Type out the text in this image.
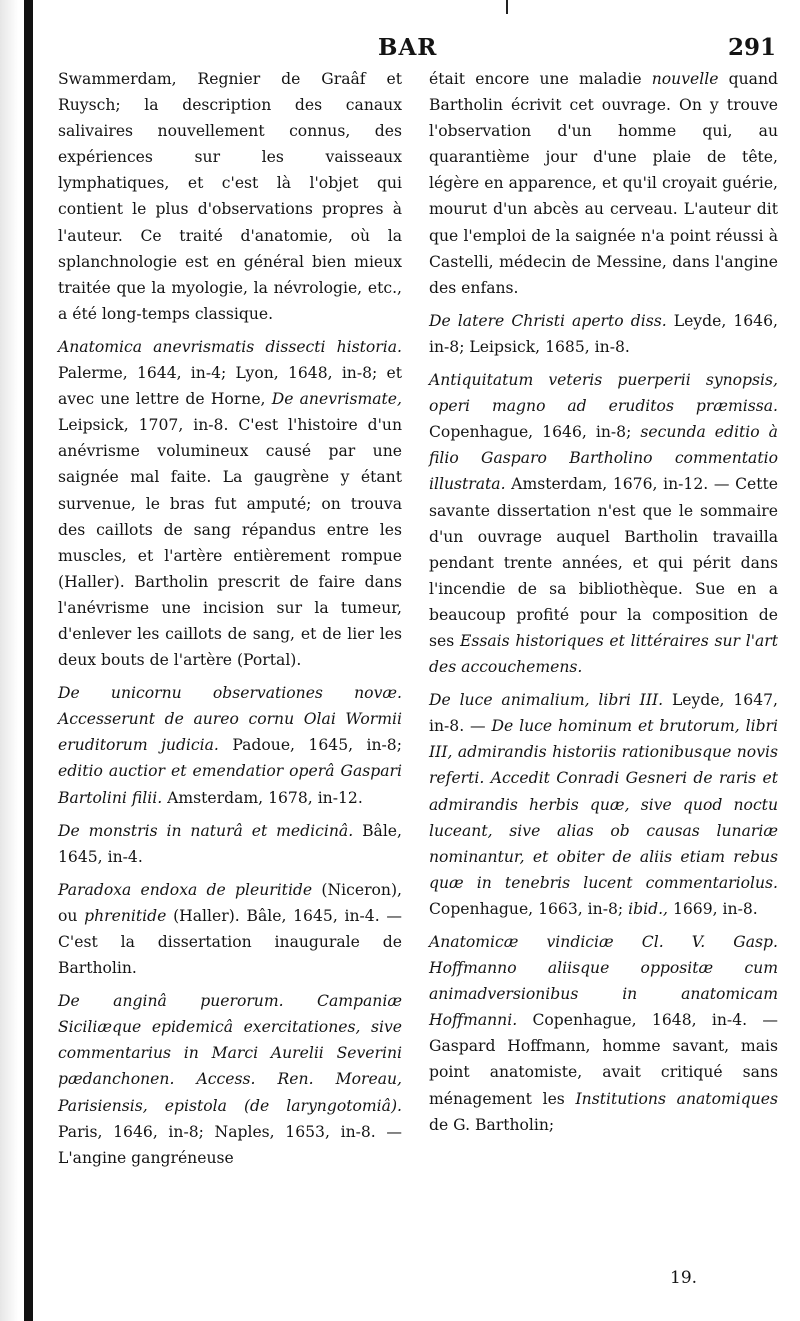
BAR	291

Swammerdam, Regnier de Graâf et Ruysch; la description des canaux salivaires nouvellement connus, des expériences sur les vaisseaux lymphatiques, et c'est là l'objet qui contient le plus d'observations propres à l'auteur. Ce traité d'anatomie, où la splanchnologie est en général bien mieux traitée que la myologie, la névrologie, etc., a été long-temps classique.

Anatomica anevrismatis dissecti historia. Palerme, 1644, in-4; Lyon, 1648, in-8; et avec une lettre de Horne, De anevrismate, Leipsick, 1707, in-8. C'est l'histoire d'un anévrisme volumineux causé par une saignée mal faite. La gaugrène y étant survenue, le bras fut amputé; on trouva des caillots de sang répandus entre les muscles, et l'artère entièrement rompue (Haller). Bartholin prescrit de faire dans l'anévrisme une incision sur la tumeur, d'enlever les caillots de sang, et de lier les deux bouts de l'artère (Portal).

De unicornu observationes novæ. Accesserunt de aureo cornu Olai Wormii eruditorum judicia. Padoue, 1645, in-8; editio auctior et emendatior operâ Gaspari Bartolini filii. Amsterdam, 1678, in-12.

De monstris in naturâ et medicinâ. Bâle, 1645, in-4.

Paradoxa endoxa de pleuritide (Niceron), ou phrenitide (Haller). Bâle, 1645, in-4. — C'est la dissertation inaugurale de Bartholin.

De anginâ puerorum. Campaniæ Siciliæque epidemicâ exercitationes, sive commentarius in Marci Aurelii Severini pædanchonen. Access. Ren. Moreau, Parisiensis, epistola (de laryngotomiâ). Paris, 1646, in-8; Naples, 1653, in-8. — L'angine gangréneuse

était encore une maladie nouvelle quand Bartholin écrivit cet ouvrage. On y trouve l'observation d'un homme qui, au quarantième jour d'une plaie de tête, légère en apparence, et qu'il croyait guérie, mourut d'un abcès au cerveau. L'auteur dit que l'emploi de la saignée n'a point réussi à Castelli, médecin de Messine, dans l'angine des enfans.

De latere Christi aperto diss. Leyde, 1646, in-8; Leipsick, 1685, in-8.

Antiquitatum veteris puerperii synopsis, operi magno ad eruditos præmissa. Copenhague, 1646, in-8; secunda editio à filio Gasparo Bartholino commentatio illustrata. Amsterdam, 1676, in-12. — Cette savante dissertation n'est que le sommaire d'un ouvrage auquel Bartholin travailla pendant trente années, et qui périt dans l'incendie de sa bibliothèque. Sue en a beaucoup profité pour la composition de ses Essais historiques et littéraires sur l'art des accouchemens.

De luce animalium, libri III. Leyde, 1647, in-8. — De luce hominum et brutorum, libri III, admirandis historiis rationibusque novis referti. Accedit Conradi Gesneri de raris et admirandis herbis quæ, sive quod noctu luceant, sive alias ob causas lunariæ nominantur, et obiter de aliis etiam rebus quæ in tenebris lucent commentariolus. Copenhague, 1663, in-8; ibid., 1669, in-8.

Anatomicæ vindiciæ Cl. V. Gasp. Hoffmanno aliisque oppositæ cum animadversionibus in anatomicam Hoffmanni. Copenhague, 1648, in-4. — Gaspard Hoffmann, homme savant, mais point anatomiste, avait critiqué sans ménagement les Institutions anatomiques de G. Bartholin;

19.
